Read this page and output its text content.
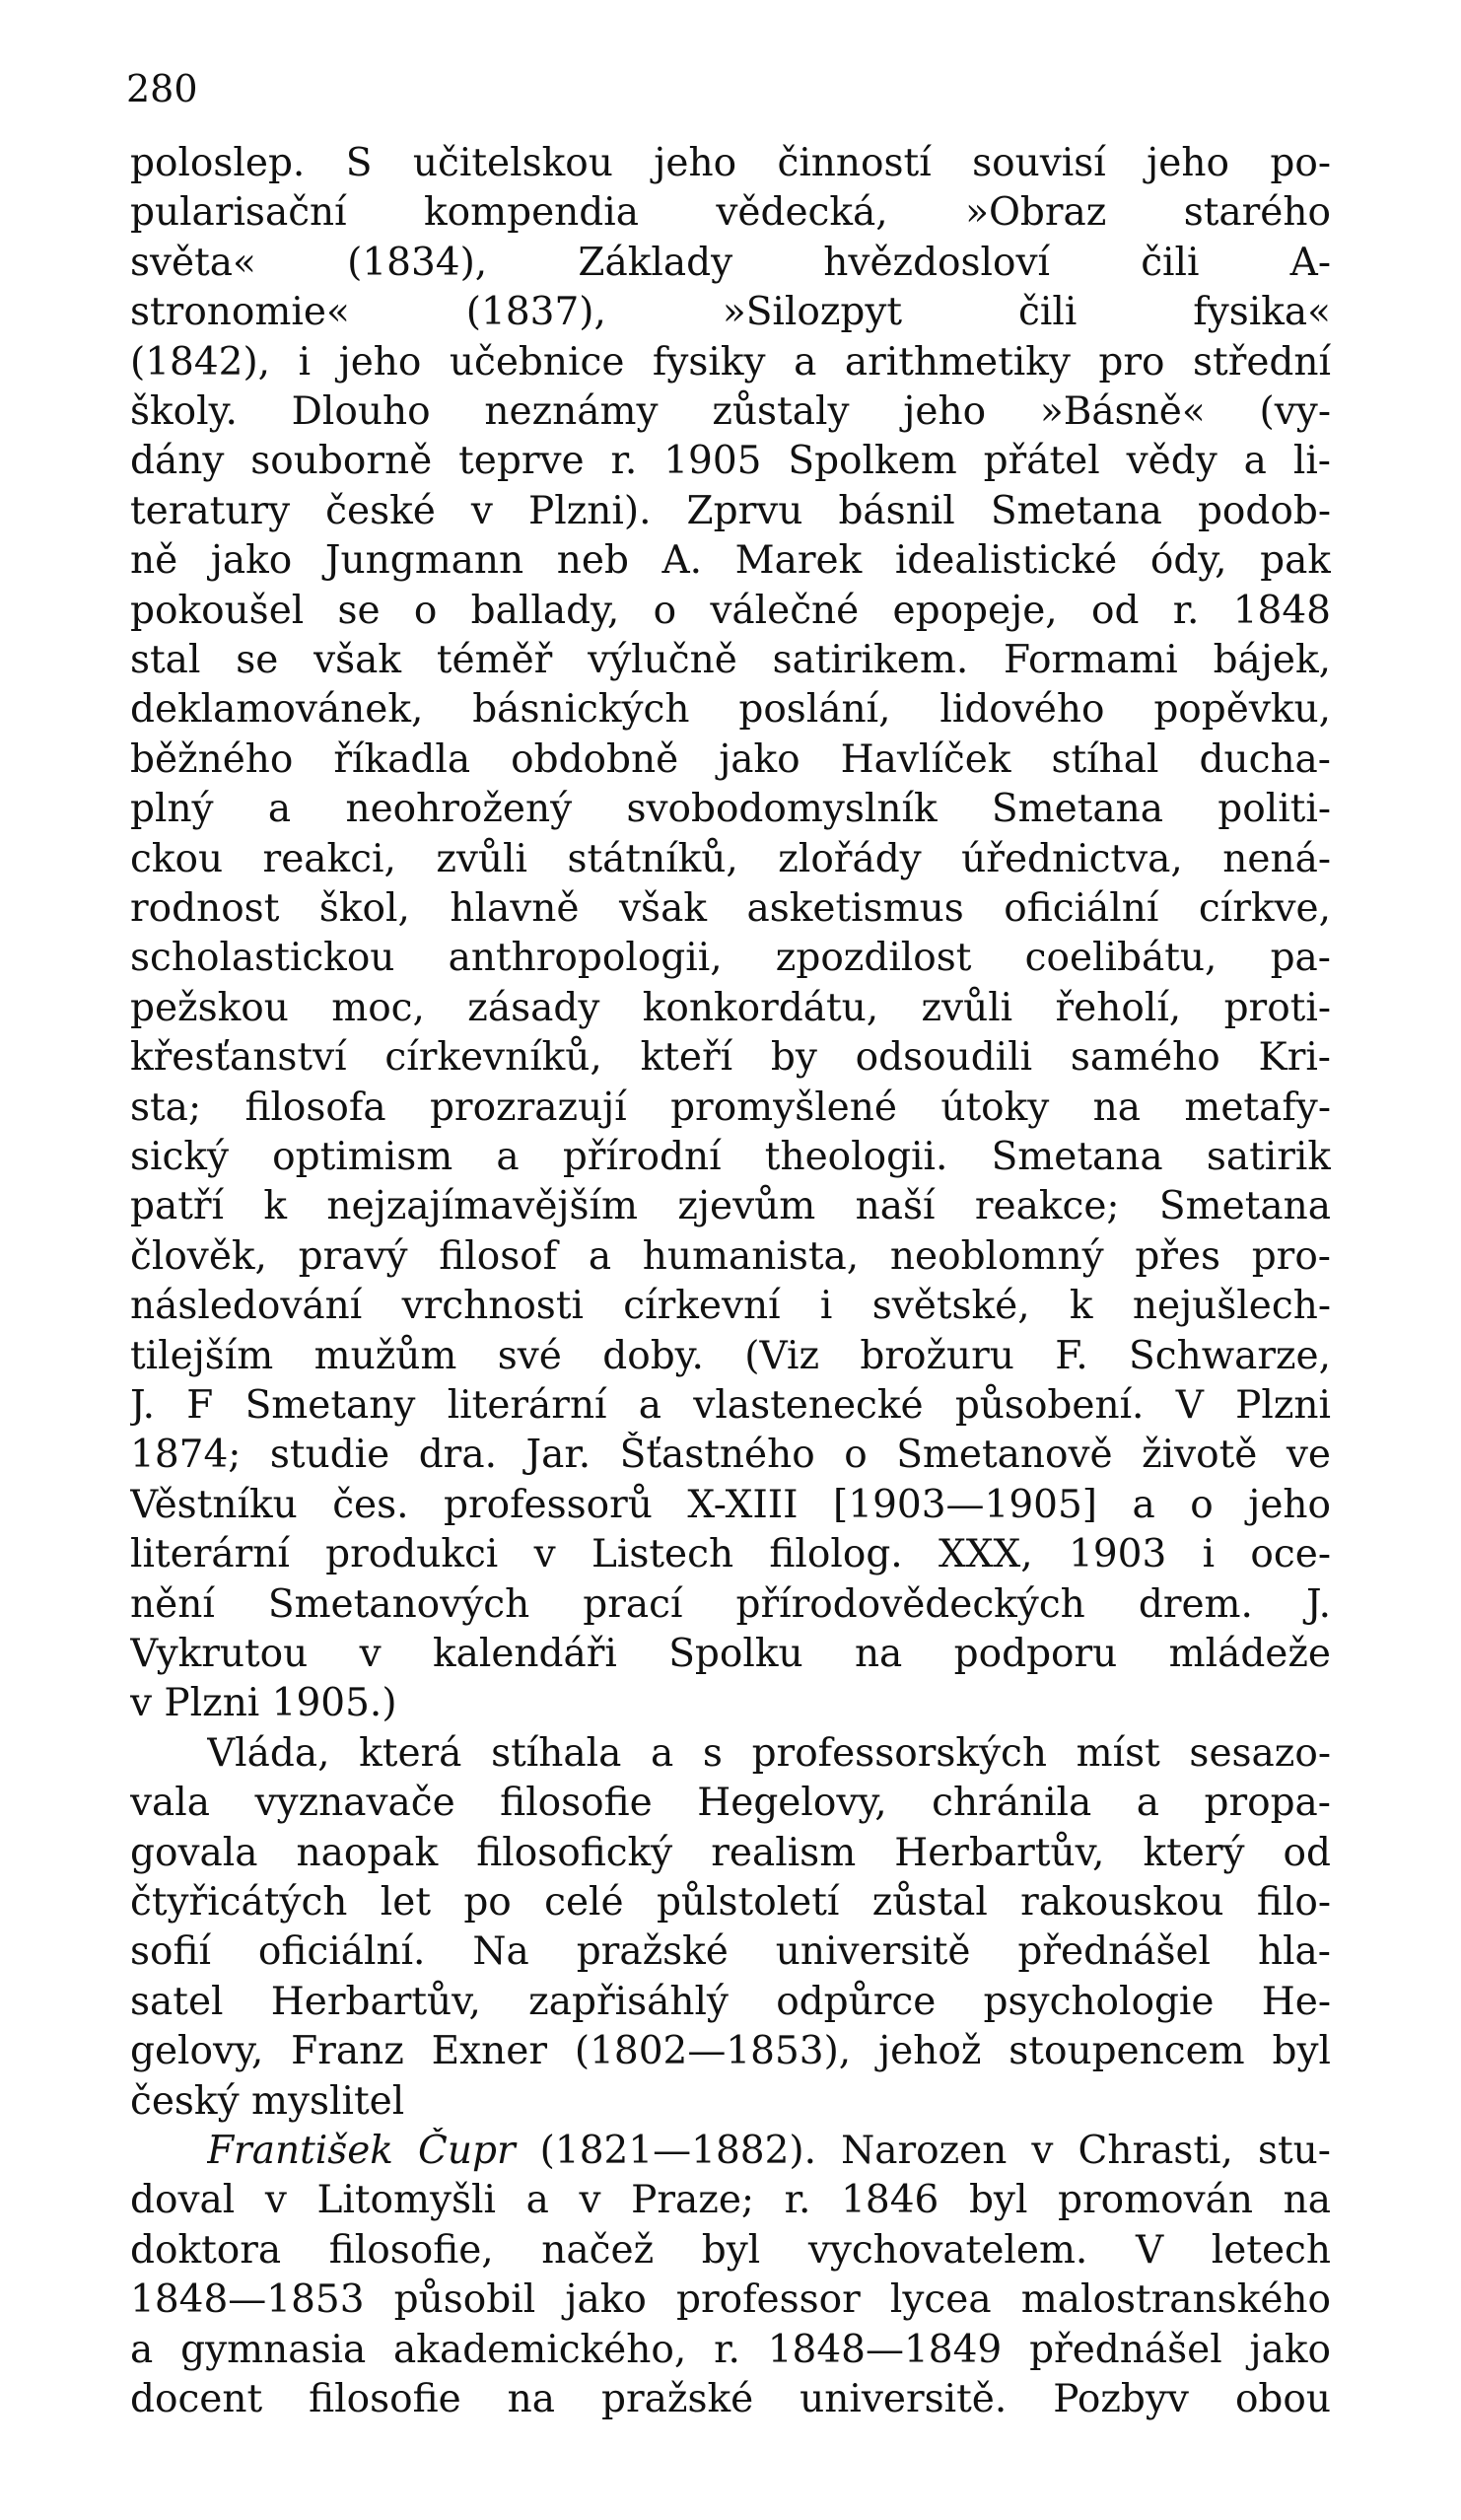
280
poloslep. S učitelskou jeho činností souvisí jeho po-
pularisační kompendia vědecká, »Obraz starého
světa« (1834), Základy hvězdosloví čili A-
stronomie« (1837), »Silozpyt čili fysika«
(1842), i jeho učebnice fysiky a arithmetiky pro střední
školy. Dlouho neznámy zůstaly jeho »Básně« (vy-
dány souborně teprve r. 1905 Spolkem přátel vědy a li-
teratury české v Plzni). Zprvu básnil Smetana podob-
ně jako Jungmann neb A. Marek idealistické ódy, pak
pokoušel se o ballady, o válečné epopeje, od r. 1848
stal se však téměř výlučně satirikem. Formami bájek,
deklamovánek, básnických poslání, lidového popěvku,
běžného říkadla obdobně jako Havlíček stíhal ducha-
plný a neohrožený svobodomyslník Smetana politi-
ckou reakci, zvůli státníků, zlořády úřednictva, nená-
rodnost škol, hlavně však asketismus oficiální církve,
scholastickou anthropologii, zpozdilost coelibátu, pa-
pežskou moc, zásady konkordátu, zvůli řeholí, proti-
křesťanství církevníků, kteří by odsoudili samého Kri-
sta; filosofa prozrazují promyšlené útoky na metafy-
sický optimism a přírodní theologii. Smetana satirik
patří k nejzajímavějším zjevům naší reakce; Smetana
člověk, pravý filosof a humanista, neoblomný přes pro-
následování vrchnosti církevní i světské, k nejušlech-
tilejším mužům své doby. (Viz brožuru F. Schwarze,
J. F Smetany literární a vlastenecké působení. V Plzni
1874; studie dra. Jar. Šťastného o Smetanově životě ve
Věstníku čes. professorů X-XIII [1903—1905] a o jeho
literární produkci v Listech filolog. XXX, 1903 i oce-
nění Smetanových prací přírodovědeckých drem. J.
Vykrutou v kalendáři Spolku na podporu mládeže
v Plzni 1905.)
Vláda, která stíhala a s professorských míst sesazo-
vala vyznavače filosofie Hegelovy, chránila a propa-
govala naopak filosofický realism Herbartův, který od
čtyřicátých let po celé půlstoletí zůstal rakouskou filo-
sofií oficiální. Na pražské universitě přednášel hla-
satel Herbartův, zapřisáhlý odpůrce psychologie He-
gelovy, Franz Exner (1802—1853), jehož stoupencem byl
český myslitel
František Čupr (1821—1882). Narozen v Chrasti, stu-
doval v Litomyšli a v Praze; r. 1846 byl promován na
doktora filosofie, načež byl vychovatelem. V letech
1848—1853 působil jako professor lycea malostranského
a gymnasia akademického, r. 1848—1849 přednášel jako
docent filosofie na pražské universitě. Pozbyv obou
